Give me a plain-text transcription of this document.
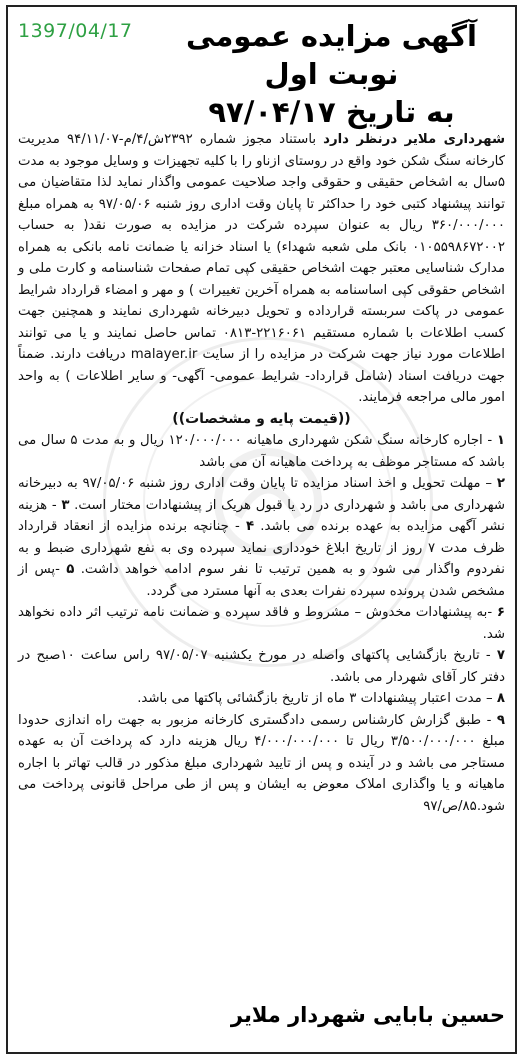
1397/04/17	آگهی مزایده عمومی نوبت اول
به تاریخ ۹۷/۰۴/۱۷

شهرداری ملایر درنظر دارد باستناد مجوز شماره ۲۳۹۲ش/۴/م-۹۴/۱۱/۰۷ مدیریت کارخانه سنگ شکن خود واقع در روستای ازناو را با کلیه تجهیزات و وسایل موجود به مدت ۵سال به اشخاص حقیقی و حقوقی واجد صلاحیت عمومی واگذار نماید لذا متقاضیان می توانند پیشنهاد کتبی خود را حداکثر تا پایان وقت اداری روز شنبه ۹۷/۰۵/۰۶ به همراه مبلغ ۳۶۰/۰۰۰/۰۰۰ ریال به عنوان سپرده شرکت در مزایده به صورت نقد( به حساب ۰۱۰۵۵۹۸۶۷۲۰۰۲ بانک ملی شعبه شهداء) یا اسناد خزانه یا ضمانت نامه بانکی به همراه مدارک شناسایی معتبر جهت اشخاص حقیقی کپی تمام صفحات شناسنامه و کارت ملی و اشخاص حقوقی کپی اساسنامه به همراه آخرین تغییرات ) و مهر و امضاء قرارداد شرایط عمومی در پاکت سربسته قرارداده و تحویل دبیرخانه شهرداری نمایند و همچنین جهت کسب اطلاعات با شماره مستقیم ۲۲۱۶۰۶۱-۰۸۱۳ تماس حاصل نمایند و یا می توانند اطلاعات مورد نیاز جهت شرکت در مزایده را از سایت malayer.ir دریافت دارند. ضمناً جهت دریافت اسناد (شامل قرارداد- شرایط عمومی- آگهی- و سایر اطلاعات ) به واحد امور مالی مراجعه فرمایند.

((قیمت پایه و مشخصات))

۱ - اجاره کارخانه سنگ شکن شهرداری ماهیانه ۱۲۰/۰۰۰/۰۰۰ ریال و به مدت ۵ سال می باشد که مستاجر موظف به پرداخت ماهیانه آن می باشد

۲ – مهلت تحویل و اخذ اسناد مزایده تا پایان وقت اداری روز شنبه ۹۷/۰۵/۰۶ به دبیرخانه شهرداری می باشد و شهرداری در رد یا قبول هریک از پیشنهادات مختار است. ۳ - هزینه نشر آگهی مزایده به عهده برنده می باشد. ۴ - چنانچه برنده مزایده از انعقاد قرارداد ظرف مدت ۷ روز از تاریخ ابلاغ خودداری نماید سپرده وی به نفع شهرداری ضبط و به نفردوم واگذار می شود و به همین ترتیب تا نفر سوم ادامه خواهد داشت. ۵ -پس از مشخص شدن پرونده سپرده نفرات بعدی به آنها مسترد می گردد.

۶ -به پیشنهادات مخدوش – مشروط و فاقد سپرده و ضمانت نامه ترتیب اثر داده نخواهد شد.

۷ - تاریخ بازگشایی پاکتهای واصله در مورخ یکشنبه ۹۷/۰۵/۰۷ راس ساعت ۱۰صبح در دفتر کار آقای شهردار می باشد.

۸ – مدت اعتبار پیشنهادات ۳ ماه از تاریخ بازگشائی پاکتها می باشد.

۹ - طبق گزارش کارشناس رسمی دادگستری کارخانه مزبور به جهت راه اندازی حدودا مبلغ ۳/۵۰۰/۰۰۰/۰۰۰ ریال تا ۴/۰۰۰/۰۰۰/۰۰۰ ریال هزینه دارد که پرداخت آن به عهده مستاجر می باشد و در آینده و پس از تایید شهرداری مبلغ مذکور در قالب تهاتر با اجاره ماهیانه و یا واگذاری املاک معوض به ایشان و پس از طی مراحل قانونی پرداخت می شود.۸۵/ص/۹۷

حسین بابایی شهردار ملایر
